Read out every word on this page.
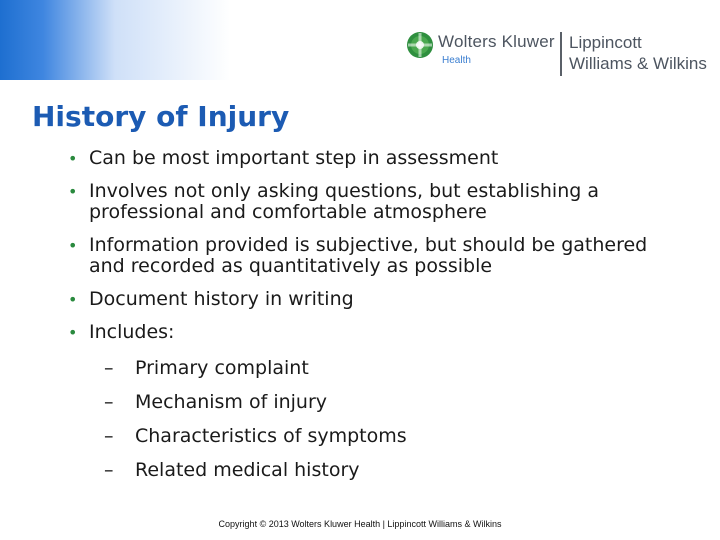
Wolters Kluwer
Health
Lippincott
Williams & Wilkins
History of Injury
• Can be most important step in assessment
• Involves not only asking questions, but establishing a professional and comfortable atmosphere
• Information provided is subjective, but should be gathered and recorded as quantitatively as possible
• Document history in writing
• Includes:
– Primary complaint
– Mechanism of injury
– Characteristics of symptoms
– Related medical history
Copyright © 2013 Wolters Kluwer Health | Lippincott Williams & Wilkins
